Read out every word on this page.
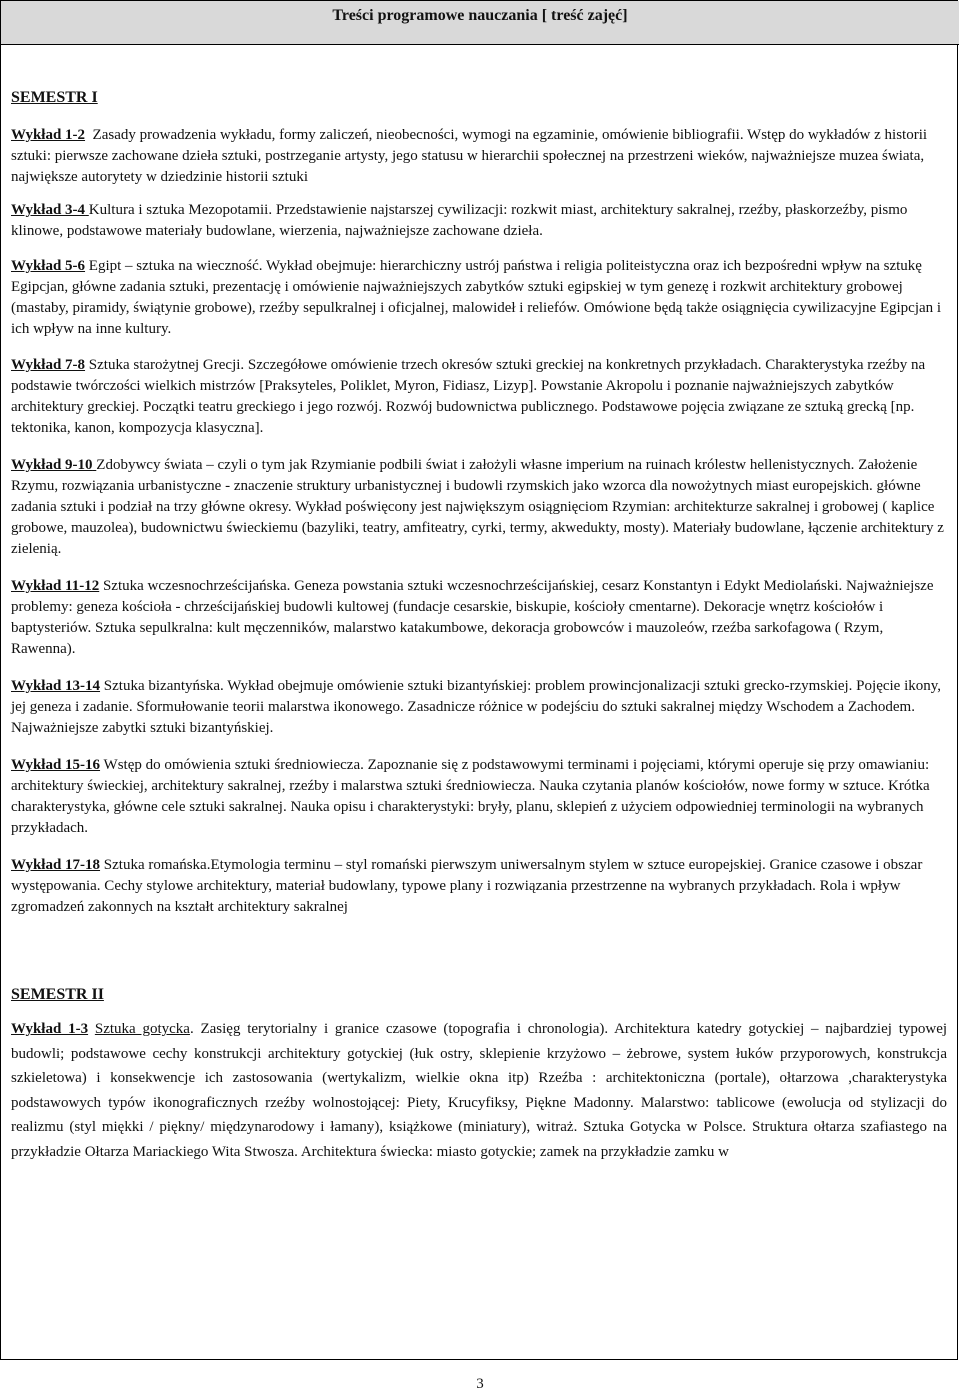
Treści programowe nauczania [ treść zajęć]

SEMESTR I

Wykład 1-2 Zasady prowadzenia wykładu, formy zaliczeń, nieobecności, wymogi na egzaminie, omówienie bibliografii. Wstęp do wykładów z historii sztuki: pierwsze zachowane dzieła sztuki, postrzeganie artysty, jego statusu w hierarchii społecznej na przestrzeni wieków, najważniejsze muzea świata, największe autorytety w dziedzinie historii sztuki

Wykład 3-4 Kultura i sztuka Mezopotamii. Przedstawienie najstarszej cywilizacji: rozkwit miast, architektury sakralnej, rzeźby, płaskorzeźby, pismo klinowe, podstawowe materiały budowlane, wierzenia, najważniejsze zachowane dzieła.

Wykład 5-6 Egipt – sztuka na wieczność. Wykład obejmuje: hierarchiczny ustrój państwa i religia politeistyczna oraz ich bezpośredni wpływ na sztukę Egipcjan, główne zadania sztuki, prezentację i omówienie najważniejszych zabytków sztuki egipskiej w tym genezę i rozkwit architektury grobowej (mastaby, piramidy, świątynie grobowe), rzeźby sepulkralnej i oficjalnej, malowideł i reliefów. Omówione będą także osiągnięcia cywilizacyjne Egipcjan i ich wpływ na inne kultury.

Wykład 7-8 Sztuka starożytnej Grecji. Szczegółowe omówienie trzech okresów sztuki greckiej na konkretnych przykładach. Charakterystyka rzeźby na podstawie twórczości wielkich mistrzów [Praksyteles, Poliklet, Myron, Fidiasz, Lizyp]. Powstanie Akropolu i poznanie najważniejszych zabytków architektury greckiej. Początki teatru greckiego i jego rozwój. Rozwój budownictwa publicznego. Podstawowe pojęcia związane ze sztuką grecką [np. tektonika, kanon, kompozycja klasyczna].

Wykład 9-10 Zdobywcy świata – czyli o tym jak Rzymianie podbili świat i założyli własne imperium na ruinach królestw hellenistycznych. Założenie Rzymu, rozwiązania urbanistyczne - znaczenie struktury urbanistycznej i budowli rzymskich jako wzorca dla nowożytnych miast europejskich. główne zadania sztuki i podział na trzy główne okresy. Wykład poświęcony jest największym osiągnięciom Rzymian: architekturze sakralnej i grobowej ( kaplice grobowe, mauzolea), budownictwu świeckiemu (bazyliki, teatry, amfiteatry, cyrki, termy, akwedukty, mosty). Materiały budowlane, łączenie architektury z zielenią.

Wykład 11-12 Sztuka wczesnochrześcijańska. Geneza powstania sztuki wczesnochrześcijańskiej, cesarz Konstantyn i Edykt Mediolański. Najważniejsze problemy: geneza kościoła - chrześcijańskiej budowli kultowej (fundacje cesarskie, biskupie, kościoły cmentarne). Dekoracje wnętrz kościołów i baptysteriów. Sztuka sepulkralna: kult męczenników, malarstwo katakumbowe, dekoracja grobowców i mauzoleów, rzeźba sarkofagowa ( Rzym, Rawenna).

Wykład 13-14 Sztuka bizantyńska. Wykład obejmuje omówienie sztuki bizantyńskiej: problem prowincjonalizacji sztuki grecko-rzymskiej. Pojęcie ikony, jej geneza i zadanie. Sformułowanie teorii malarstwa ikonowego. Zasadnicze różnice w podejściu do sztuki sakralnej między Wschodem a Zachodem. Najważniejsze zabytki sztuki bizantyńskiej.

Wykład 15-16 Wstęp do omówienia sztuki średniowiecza. Zapoznanie się z podstawowymi terminami i pojęciami, którymi operuje się przy omawianiu: architektury świeckiej, architektury sakralnej, rzeźby i malarstwa sztuki średniowiecza. Nauka czytania planów kościołów, nowe formy w sztuce. Krótka charakterystyka, główne cele sztuki sakralnej. Nauka opisu i charakterystyki: bryły, planu, sklepień z użyciem odpowiedniej terminologii na wybranych przykładach.

Wykład 17-18 Sztuka romańska.Etymologia terminu – styl romański pierwszym uniwersalnym stylem w sztuce europejskiej. Granice czasowe i obszar występowania. Cechy stylowe architektury, materiał budowlany, typowe plany i rozwiązania przestrzenne na wybranych przykładach. Rola i wpływ zgromadzeń zakonnych na kształt architektury sakralnej

SEMESTR II

Wykład 1-3 Sztuka gotycka. Zasięg terytorialny i granice czasowe (topografia i chronologia). Architektura katedry gotyckiej – najbardziej typowej budowli; podstawowe cechy konstrukcji architektury gotyckiej (łuk ostry, sklepienie krzyżowo – żebrowe, system łuków przyporowych, konstrukcja szkieletowa) i konsekwencje ich zastosowania (wertykalizm, wielkie okna itp) Rzeźba : architektoniczna (portale), ołtarzowa ,charakterystyka podstawowych typów ikonograficznych rzeźby wolnostojącej: Piety, Krucyfiksy, Piękne Madonny. Malarstwo: tablicowe (ewolucja od stylizacji do realizmu (styl miękki / piękny/ międzynarodowy i łamany), książkowe (miniatury), witraż. Sztuka Gotycka w Polsce. Struktura ołtarza szafiastego na przykładzie Ołtarza Mariackiego Wita Stwosza. Architektura świecka: miasto gotyckie; zamek na przykładzie zamku w

3
